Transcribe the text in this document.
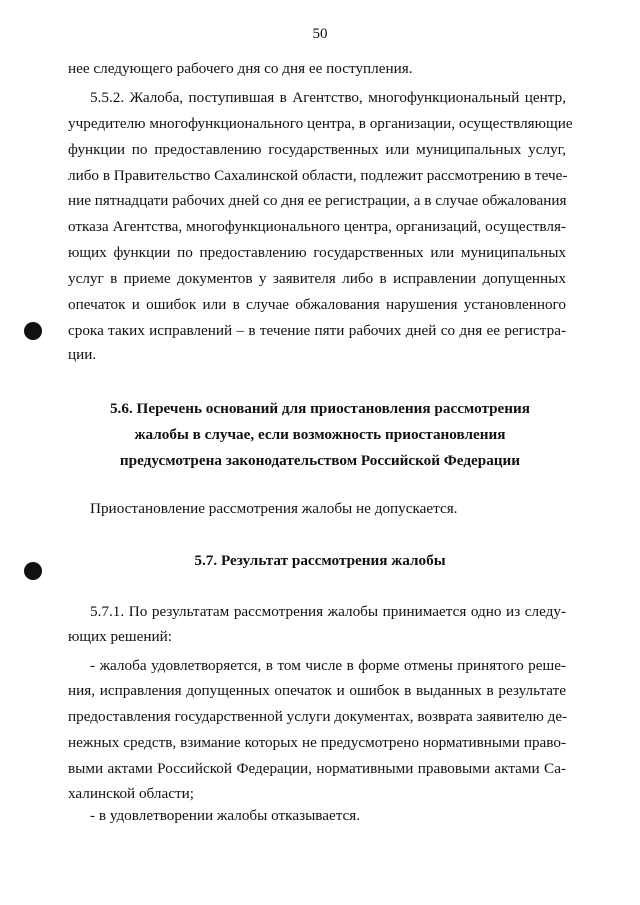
50
нее следующего рабочего дня со дня ее поступления.
5.5.2. Жалоба, поступившая в Агентство, многофункциональный центр,
учредителю многофункционального центра, в организации, осуществляющие
функции по предоставлению государственных или муниципальных услуг,
либо в Правительство Сахалинской области, подлежит рассмотрению в тече-
ние пятнадцати рабочих дней со дня ее регистрации, а в случае обжалования
отказа Агентства, многофункционального центра, организаций, осуществля-
ющих функции по предоставлению государственных или муниципальных
услуг в приеме документов у заявителя либо в исправлении допущенных
опечаток и ошибок или в случае обжалования нарушения установленного
срока таких исправлений – в течение пяти рабочих дней со дня ее регистра-
ции.
5.6. Перечень оснований для приостановления рассмотрения
жалобы в случае, если возможность приостановления
предусмотрена законодательством Российской Федерации
Приостановление рассмотрения жалобы не допускается.
5.7. Результат рассмотрения жалобы
5.7.1. По результатам рассмотрения жалобы принимается одно из следу-
ющих решений:
- жалоба удовлетворяется, в том числе в форме отмены принятого реше-
ния, исправления допущенных опечаток и ошибок в выданных в результате
предоставления государственной услуги документах, возврата заявителю де-
нежных средств, взимание которых не предусмотрено нормативными право-
выми актами Российской Федерации, нормативными правовыми актами Са-
халинской области;
- в удовлетворении жалобы отказывается.
